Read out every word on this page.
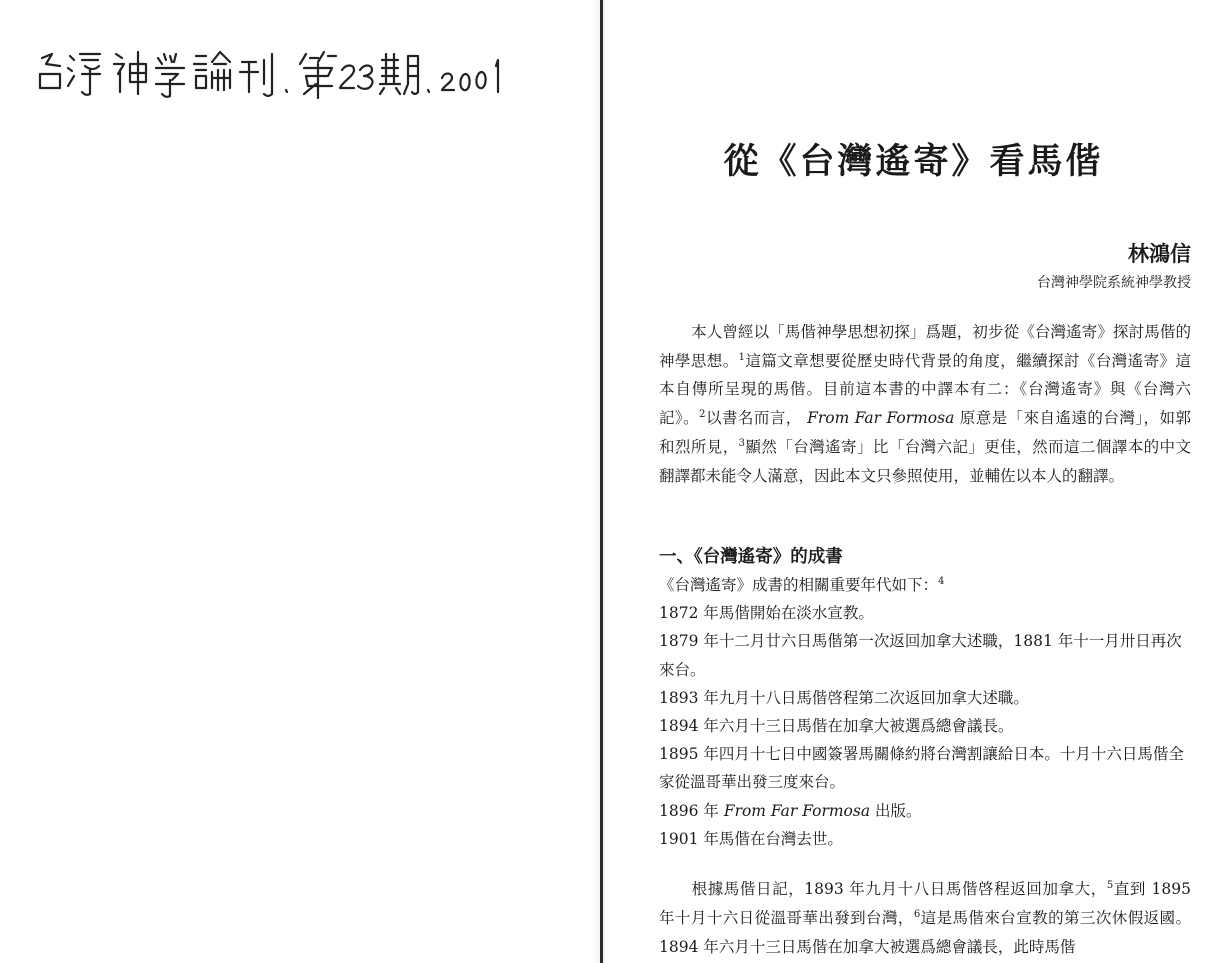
從《台灣遙寄》看馬偕
林鴻信
台灣神學院系統神學教授
本人曾經以「馬偕神學思想初探」爲題，初步從《台灣遙寄》探討馬偕的神學思想。$^1$這篇文章想要從歷史時代背景的角度，繼續探討《台灣遙寄》這本自傳所呈現的馬偕。目前這本書的中譯本有二：《台灣遙寄》與《台灣六記》。$^2$以書名而言， From Far Formosa 原意是「來自遙遠的台灣」，如郭和烈所見，$^3$顯然「台灣遙寄」比「台灣六記」更佳，然而這二個譯本的中文翻譯都未能令人滿意，因此本文只參照使用，並輔佐以本人的翻譯。
一、《台灣遙寄》的成書

《台灣遙寄》成書的相關重要年代如下：$^4$

1872 年馬偕開始在淡水宣教。

1879 年十二月廿六日馬偕第一次返回加拿大述職，1881 年十一月卅日再次來台。

1893 年九月十八日馬偕啓程第二次返回加拿大述職。

1894 年六月十三日馬偕在加拿大被選爲總會議長。

1895 年四月十七日中國簽署馬關條約將台灣割讓給日本。十月十六日馬偕全家從溫哥華出發三度來台。

1896 年 From Far Formosa 出版。

1901 年馬偕在台灣去世。

根據馬偕日記，1893 年九月十八日馬偕啓程返回加拿大，$^5$直到 1895 年十月十六日從溫哥華出發到台灣，$^6$這是馬偕來台宣教的第三次休假返國。1894 年六月十三日馬偕在加拿大被選爲總會議長，此時馬偕
